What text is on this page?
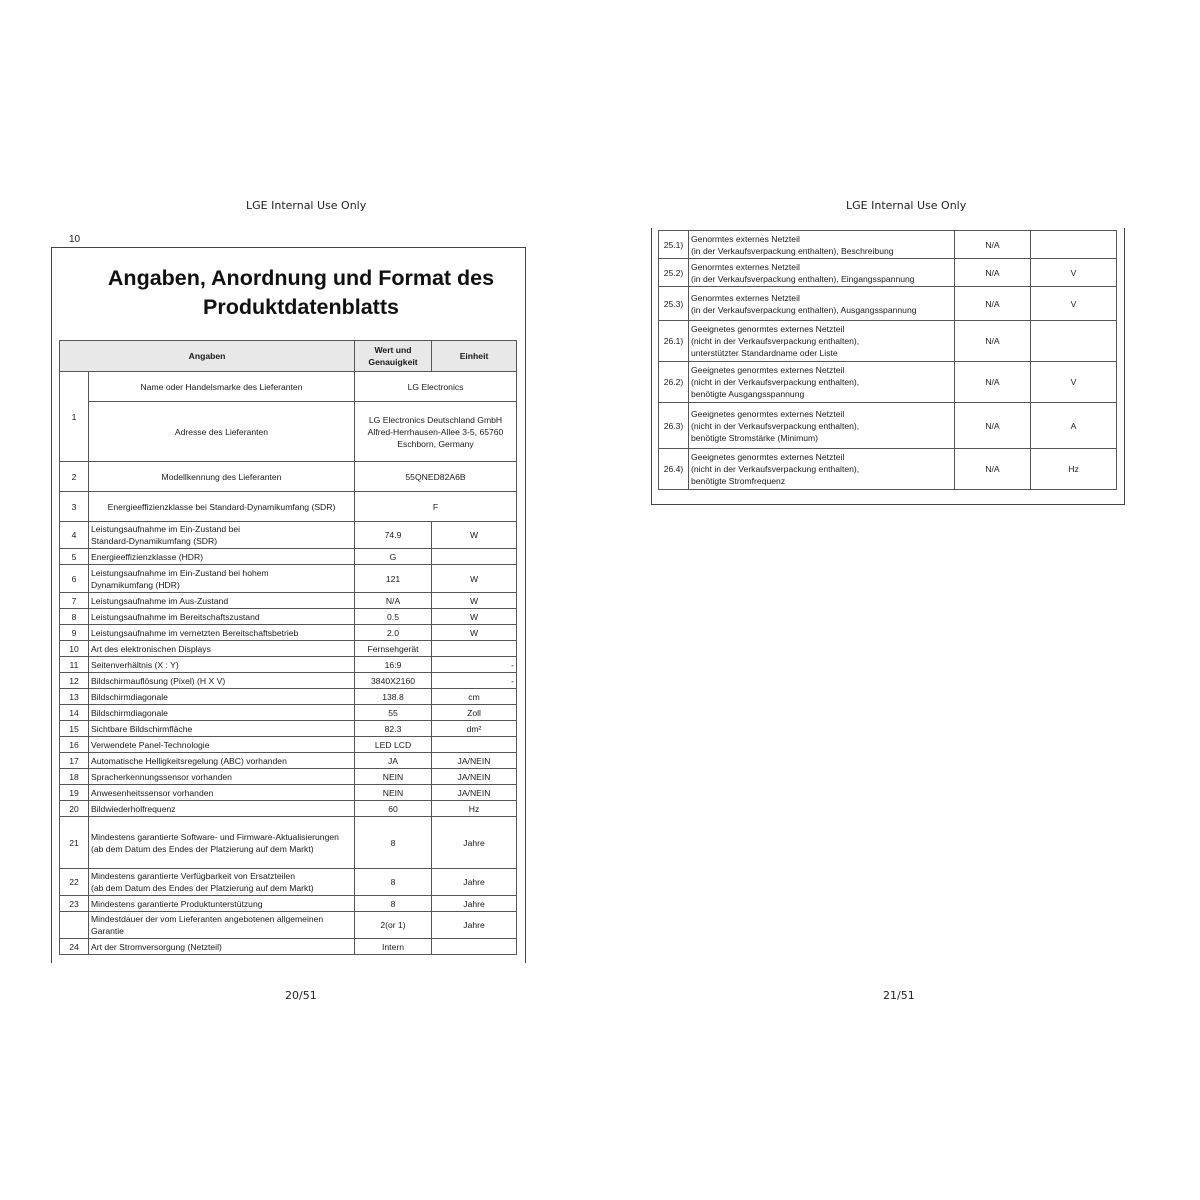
LGE Internal Use Only
10
Angaben, Anordnung und Format des
Produktdatenblatts
Angaben		Wert und Genauigkeit	Einheit
1	Name oder Handelsmarke des Lieferanten	LG Electronics	
	Adresse des Lieferanten	LG Electronics Deutschland GmbH
Alfred-Herrhausen-Allee 3-5, 65760
Eschborn, Germany	

2	Modellkennung des Lieferanten	55QNED82A6B	
3	Energieeffizienzklasse bei Standard-Dynamikumfang (SDR)	F	
4	Leistungsaufnahme im Ein-Zustand bei
Standard-Dynamikumfang (SDR)	74.9	W
5	Energieeffizienzklasse (HDR)	G	
6	Leistungsaufnahme im Ein-Zustand bei hohem
Dynamikumfang (HDR)	121	W
7	Leistungsaufnahme im Aus-Zustand	N/A	W
8	Leistungsaufnahme im Bereitschaftszustand	0.5	W
9	Leistungsaufnahme im vernetzten Bereitschaftsbetrieb	2.0	W
10	Art des elektronischen Displays	Fernsehgerät	
11	Seitenverhältnis (X : Y)	16:9	-
12	Bildschirmauflösung (Pixel) (H X V)	3840X2160	-
13	Bildschirmdiagonale	138.8	cm
14	Bildschirmdiagonale	55	Zoll
15	Sichtbare Bildschirmfläche	82.3	dm²
16	Verwendete Panel-Technologie	LED LCD	
17	Automatische Helligkeitsregelung (ABC) vorhanden	JA	JA/NEIN
18	Spracherkennungssensor vorhanden	NEIN	JA/NEIN
19	Anwesenheitssensor vorhanden	NEIN	JA/NEIN
20	Bildwiederholfrequenz	60	Hz
21	Mindestens garantierte Software- und Firmware-Aktualisierungen
(ab dem Datum des Endes der Platzierung auf dem Markt)	8	Jahre
22	Mindestens garantierte Verfügbarkeit von Ersatzteilen
(ab dem Datum des Endes der Platzierung auf dem Markt)	8	Jahre
23	Mindestens garantierte Produktunterstützung	8	Jahre

	Mindestdauer der vom Lieferanten angebotenen allgemeinen
Garantie	2(or 1)	Jahre
24	Art der Stromversorgung (Netzteil)	Intern	
20/51
LGE Internal Use Only
25.1)	Genormtes externes Netzteil
(in der Verkaufsverpackung enthalten), Beschreibung	N/A	
25.2)	Genormtes externes Netzteil
(in der Verkaufsverpackung enthalten), Eingangsspannung	N/A	V
25.3)	Genormtes externes Netzteil
(in der Verkaufsverpackung enthalten), Ausgangsspannung	N/A	V
26.1)	Geeignetes genormtes externes Netzteil
(nicht in der Verkaufsverpackung enthalten),
unterstützter Standardname oder Liste	N/A	
26.2)	Geeignetes genormtes externes Netzteil
(nicht in der Verkaufsverpackung enthalten),
benötigte Ausgangsspannung	N/A	V
26.3)	Geeignetes genormtes externes Netzteil
(nicht in der Verkaufsverpackung enthalten),
benötigte Stromstärke (Minimum)	N/A	A
26.4)	Geeignetes genormtes externes Netzteil
(nicht in der Verkaufsverpackung enthalten),
benötigte Stromfrequenz	N/A	Hz
21/51
